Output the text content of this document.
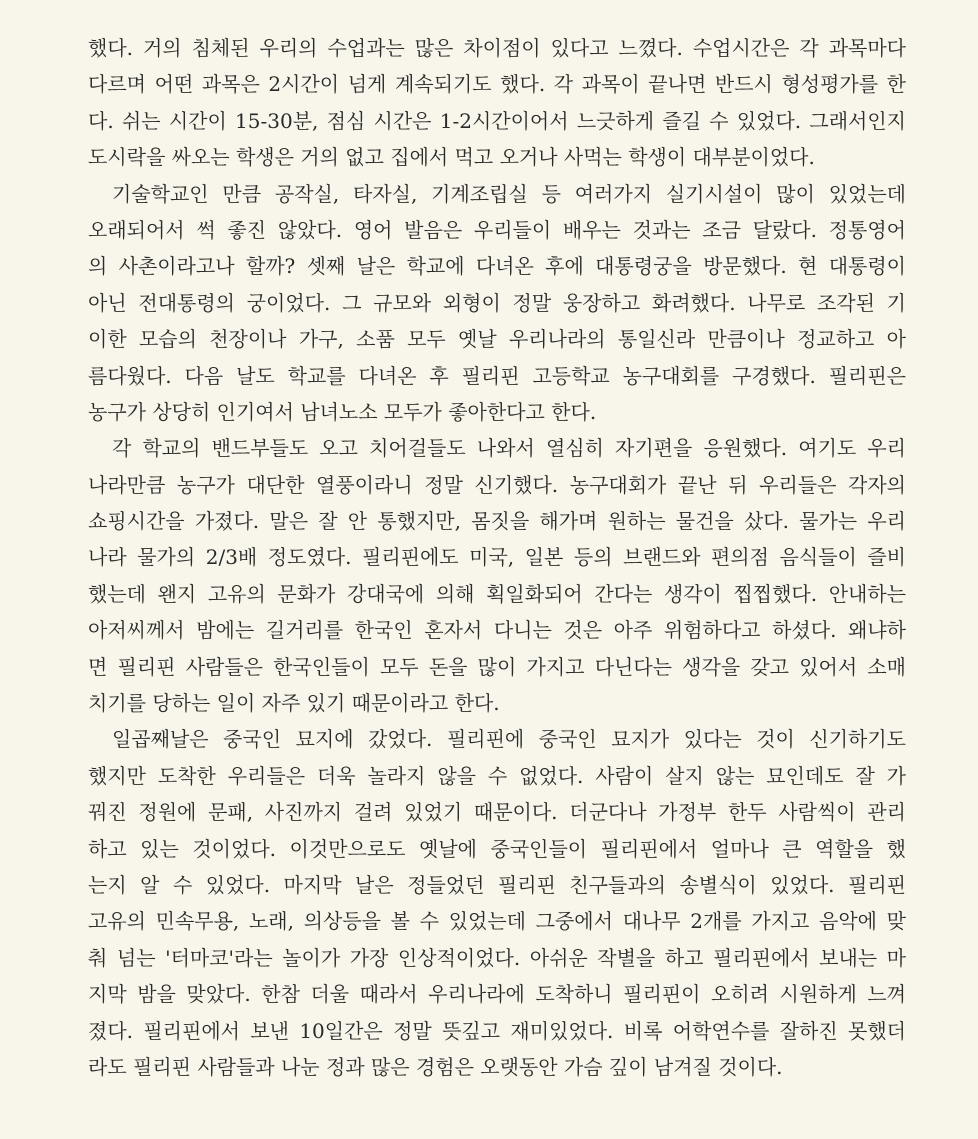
했다. 거의 침체된 우리의 수업과는 많은 차이점이 있다고 느꼈다. 수업시간은 각 과목마다
다르며 어떤 과목은 2시간이 넘게 계속되기도 했다. 각 과목이 끝나면 반드시 형성평가를 한
다. 쉬는 시간이 15-30분, 점심 시간은 1-2시간이어서 느긋하게 즐길 수 있었다. 그래서인지
도시락을 싸오는 학생은 거의 없고 집에서 먹고 오거나 사먹는 학생이 대부분이었다.
기술학교인 만큼 공작실, 타자실, 기계조립실 등 여러가지 실기시설이 많이 있었는데
오래되어서 썩 좋진 않았다. 영어 발음은 우리들이 배우는 것과는 조금 달랐다. 정통영어
의 사촌이라고나 할까? 셋째 날은 학교에 다녀온 후에 대통령궁을 방문했다. 현 대통령이
아닌 전대통령의 궁이었다. 그 규모와 외형이 정말 웅장하고 화려했다. 나무로 조각된 기
이한 모습의 천장이나 가구, 소품 모두 옛날 우리나라의 통일신라 만큼이나 정교하고 아
름다웠다. 다음 날도 학교를 다녀온 후 필리핀 고등학교 농구대회를 구경했다. 필리핀은
농구가 상당히 인기여서 남녀노소 모두가 좋아한다고 한다.
각 학교의 밴드부들도 오고 치어걸들도 나와서 열심히 자기편을 응원했다. 여기도 우리
나라만큼 농구가 대단한 열풍이라니 정말 신기했다. 농구대회가 끝난 뒤 우리들은 각자의
쇼핑시간을 가졌다. 말은 잘 안 통했지만, 몸짓을 해가며 원하는 물건을 샀다. 물가는 우리
나라 물가의 2/3배 정도였다. 필리핀에도 미국, 일본 등의 브랜드와 편의점 음식들이 즐비
했는데 왠지 고유의 문화가 강대국에 의해 획일화되어 간다는 생각이 찝찝했다. 안내하는
아저씨께서 밤에는 길거리를 한국인 혼자서 다니는 것은 아주 위험하다고 하셨다. 왜냐하
면 필리핀 사람들은 한국인들이 모두 돈을 많이 가지고 다닌다는 생각을 갖고 있어서 소매
치기를 당하는 일이 자주 있기 때문이라고 한다.
일곱째날은 중국인 묘지에 갔었다. 필리핀에 중국인 묘지가 있다는 것이 신기하기도
했지만 도착한 우리들은 더욱 놀라지 않을 수 없었다. 사람이 살지 않는 묘인데도 잘 가
꿔진 정원에 문패, 사진까지 걸려 있었기 때문이다. 더군다나 가정부 한두 사람씩이 관리
하고 있는 것이었다. 이것만으로도 옛날에 중국인들이 필리핀에서 얼마나 큰 역할을 했
는지 알 수 있었다. 마지막 날은 정들었던 필리핀 친구들과의 송별식이 있었다. 필리핀
고유의 민속무용, 노래, 의상등을 볼 수 있었는데 그중에서 대나무 2개를 가지고 음악에 맞
춰 넘는 '터마코'라는 놀이가 가장 인상적이었다. 아쉬운 작별을 하고 필리핀에서 보내는 마
지막 밤을 맞았다. 한참 더울 때라서 우리나라에 도착하니 필리핀이 오히려 시원하게 느껴
졌다. 필리핀에서 보낸 10일간은 정말 뜻깊고 재미있었다. 비록 어학연수를 잘하진 못했더
라도 필리핀 사람들과 나눈 정과 많은 경험은 오랫동안 가슴 깊이 남겨질 것이다.
